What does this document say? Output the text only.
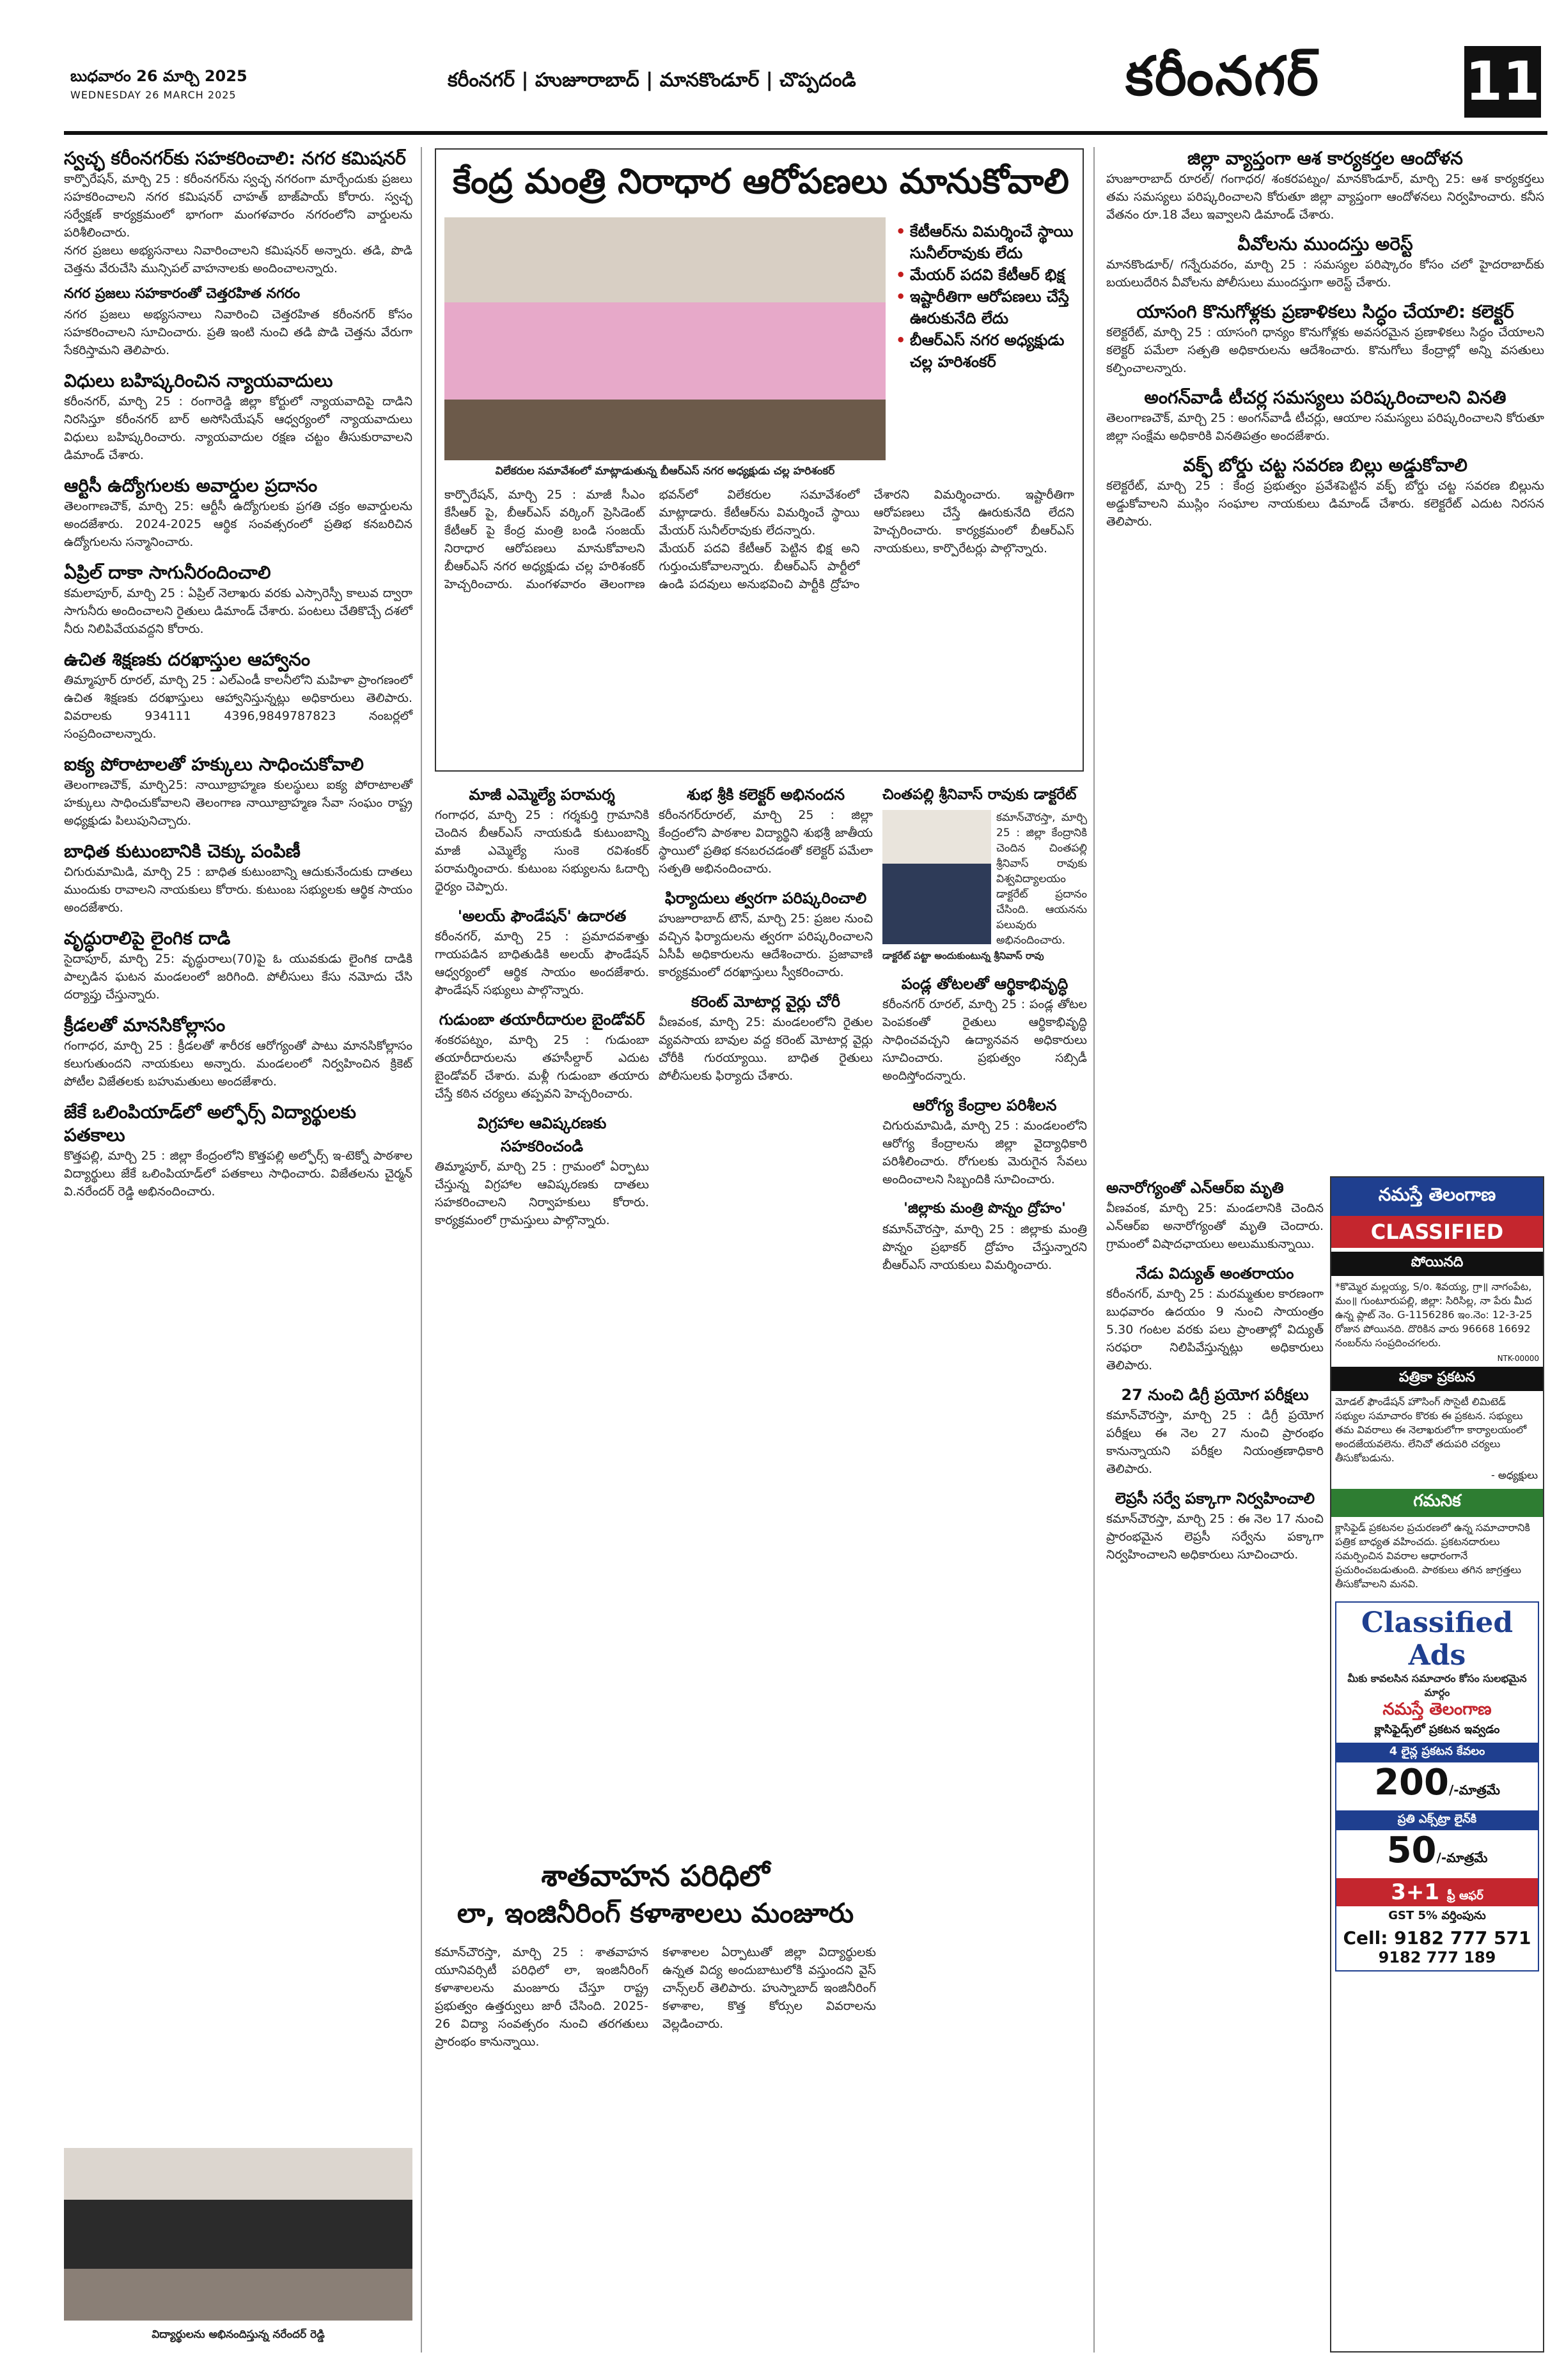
బుధవారం 26 మార్చి 2025
WEDNESDAY 26 MARCH 2025
కరీంనగర్ | హుజూరాబాద్ | మానకొండూర్ | చొప్పదండి	కరీంనగర్	11
స్వచ్ఛ కరీంనగర్‌కు సహకరించాలి: నగర కమిషనర్

కార్పొరేషన్, మార్చి 25 : కరీంనగర్‌ను స్వచ్ఛ నగరంగా మార్చేందుకు ప్రజలు సహకరించాలని నగర కమిషనర్ చాహత్ బాజ్‌పాయ్ కోరారు. స్వచ్ఛ సర్వేక్షణ్ కార్యక్రమంలో భాగంగా మంగళవారం నగరంలోని వార్డులను పరిశీలించారు.

నగర ప్రజలు అభ్యసనాలు నివారించాలని కమిషనర్ అన్నారు. తడి, పొడి చెత్తను వేరుచేసి మున్సిపల్ వాహనాలకు అందించాలన్నారు.

నగర ప్రజలు సహకారంతో చెత్తరహిత నగరం

నగర ప్రజలు అభ్యసనాలు నివారించి చెత్తరహిత కరీంనగర్ కోసం సహకరించాలని సూచించారు. ప్రతి ఇంటి నుంచి తడి పొడి చెత్తను వేరుగా సేకరిస్తామని తెలిపారు.

విధులు బహిష్కరించిన న్యాయవాదులు

కరీంనగర్, మార్చి 25 : రంగారెడ్డి జిల్లా కోర్టులో న్యాయవాదిపై దాడిని నిరసిస్తూ కరీంనగర్ బార్ అసోసియేషన్ ఆధ్వర్యంలో న్యాయవాదులు విధులు బహిష్కరించారు. న్యాయవాదుల రక్షణ చట్టం తీసుకురావాలని డిమాండ్ చేశారు.

ఆర్టిసీ ఉద్యోగులకు అవార్డుల ప్రదానం

తెలంగాణచౌక్, మార్చి 25: ఆర్టీసీ ఉద్యోగులకు ప్రగతి చక్రం అవార్డులను అందజేశారు. 2024-2025 ఆర్థిక సంవత్సరంలో ప్రతిభ కనబరిచిన ఉద్యోగులను సన్మానించారు.

ఏప్రిల్ దాకా సాగునీరందించాలి

కమలాపూర్, మార్చి 25 : ఏప్రిల్ నెలాఖరు వరకు ఎస్సారెస్పీ కాలువ ద్వారా సాగునీరు అందించాలని రైతులు డిమాండ్ చేశారు. పంటలు చేతికొచ్చే దశలో నీరు నిలిపివేయవద్దని కోరారు.

ఉచిత శిక్షణకు దరఖాస్తుల ఆహ్వానం

తిమ్మాపూర్ రూరల్, మార్చి 25 : ఎల్ఎండీ కాలనీలోని మహిళా ప్రాంగణంలో ఉచిత శిక్షణకు దరఖాస్తులు ఆహ్వానిస్తున్నట్లు అధికారులు తెలిపారు. వివరాలకు 934111 4396,9849787823 నంబర్లలో సంప్రదించాలన్నారు.

ఐక్య పోరాటాలతో హక్కులు సాధించుకోవాలి

తెలంగాణచౌక్, మార్చి25: నాయీబ్రాహ్మణ కులస్థులు ఐక్య పోరాటాలతో హక్కులు సాధించుకోవాలని తెలంగాణ నాయీబ్రాహ్మణ సేవా సంఘం రాష్ట్ర అధ్యక్షుడు పిలుపునిచ్చారు.

బాధిత కుటుంబానికి చెక్కు పంపిణీ

చిగురుమామిడి, మార్చి 25 : బాధిత కుటుంబాన్ని ఆదుకునేందుకు దాతలు ముందుకు రావాలని నాయకులు కోరారు. కుటుంబ సభ్యులకు ఆర్థిక సాయం అందజేశారు.

వృద్ధురాలిపై లైంగిక దాడి

సైదాపూర్, మార్చి 25: వృద్ధురాలు(70)పై ఓ యువకుడు లైంగిక దాడికి పాల్పడిన ఘటన మండలంలో జరిగింది. పోలీసులు కేసు నమోదు చేసి దర్యాప్తు చేస్తున్నారు.

క్రీడలతో మానసికోల్లాసం

గంగాధర, మార్చి 25 : క్రీడలతో శారీరక ఆరోగ్యంతో పాటు మానసికోల్లాసం కలుగుతుందని నాయకులు అన్నారు. మండలంలో నిర్వహించిన క్రికెట్ పోటీల విజేతలకు బహుమతులు అందజేశారు.

జేకే ఒలింపియాడ్‌లో అల్ఫోర్స్ విద్యార్థులకు పతకాలు

కొత్తపల్లి, మార్చి 25 : జిల్లా కేంద్రంలోని కొత్తపల్లి అల్ఫోర్స్ ఇ-టెక్నో పాఠశాల విద్యార్థులు జేకే ఒలింపియాడ్‌లో పతకాలు సాధించారు. విజేతలను చైర్మన్ వి.నరేందర్ రెడ్డి అభినందించారు.

విద్యార్థులను అభినందిస్తున్న నరేందర్ రెడ్డి
కేంద్ర మంత్రి నిరాధార ఆరోపణలు మానుకోవాలి
• కేటీఆర్‌ను విమర్శించే స్థాయి సునీల్‌రావుకు లేదు
• మేయర్ పదవి కేటీఆర్ భిక్ష
• ఇష్టారీతిగా ఆరోపణలు చేస్తే ఊరుకునేది లేదు
• బీఆర్ఎస్ నగర అధ్యక్షుడు చల్ల హరిశంకర్
విలేకరుల సమావేశంలో మాట్లాడుతున్న బీఆర్ఎస్ నగర అధ్యక్షుడు చల్ల హరిశంకర్

కార్పొరేషన్, మార్చి 25 : మాజీ సీఎం కేసీఆర్ పై, బీఆర్ఎస్ వర్కింగ్ ప్రెసిడెంట్ కేటీఆర్ పై కేంద్ర మంత్రి బండి సంజయ్ నిరాధార ఆరోపణలు మానుకోవాలని బీఆర్ఎస్ నగర అధ్యక్షుడు చల్ల హరిశంకర్ హెచ్చరించారు. మంగళవారం తెలంగాణ భవన్‌లో విలేకరుల సమావేశంలో మాట్లాడారు. కేటీఆర్‌ను విమర్శించే స్థాయి మేయర్ సునీల్‌రావుకు లేదన్నారు.

మేయర్ పదవి కేటీఆర్ పెట్టిన భిక్ష అని గుర్తుంచుకోవాలన్నారు. బీఆర్ఎస్ పార్టీలో ఉండి పదవులు అనుభవించి పార్టీకి ద్రోహం చేశారని విమర్శించారు. ఇష్టారీతిగా ఆరోపణలు చేస్తే ఊరుకునేది లేదని హెచ్చరించారు. కార్యక్రమంలో బీఆర్ఎస్ నాయకులు, కార్పొరేటర్లు పాల్గొన్నారు.

మాజీ ఎమ్మెల్యే పరామర్శ

గంగాధర, మార్చి 25 : గర్శకుర్తి గ్రామానికి చెందిన బీఆర్ఎస్ నాయకుడి కుటుంబాన్ని మాజీ ఎమ్మెల్యే సుంకె రవిశంకర్ పరామర్శించారు. కుటుంబ సభ్యులను ఓదార్చి ధైర్యం చెప్పారు.

'అలయ్ ఫౌండేషన్' ఉదారత

కరీంనగర్, మార్చి 25 : ప్రమాదవశాత్తు గాయపడిన బాధితుడికి అలయ్ ఫౌండేషన్ ఆధ్వర్యంలో ఆర్థిక సాయం అందజేశారు. ఫౌండేషన్ సభ్యులు పాల్గొన్నారు.

గుడుంబా తయారీదారుల బైండోవర్

శంకరపట్నం, మార్చి 25 : గుడుంబా తయారీదారులను తహసీల్దార్ ఎదుట బైండోవర్ చేశారు. మళ్లీ గుడుంబా తయారు చేస్తే కఠిన చర్యలు తప్పవని హెచ్చరించారు.

విగ్రహాల ఆవిష్కరణకు సహకరించండి

తిమ్మాపూర్, మార్చి 25 : గ్రామంలో ఏర్పాటు చేస్తున్న విగ్రహాల ఆవిష్కరణకు దాతలు సహకరించాలని నిర్వాహకులు కోరారు. కార్యక్రమంలో గ్రామస్తులు పాల్గొన్నారు.

శుభ శ్రీకి కలెక్టర్ అభినందన

కరీంనగర్‌రూరల్, మార్చి 25 : జిల్లా కేంద్రంలోని పాఠశాల విద్యార్థిని శుభశ్రీ జాతీయ స్థాయిలో ప్రతిభ కనబరచడంతో కలెక్టర్ పమేలా సత్పతి అభినందించారు.

ఫిర్యాదులు త్వరగా పరిష్కరించాలి

హుజూరాబాద్ టౌన్, మార్చి 25: ప్రజల నుంచి వచ్చిన ఫిర్యాదులను త్వరగా పరిష్కరించాలని ఏసీపీ అధికారులను ఆదేశించారు. ప్రజావాణి కార్యక్రమంలో దరఖాస్తులు స్వీకరించారు.

కరెంట్ మోటార్ల వైర్లు చోరీ

వీణవంక, మార్చి 25: మండలంలోని రైతుల వ్యవసాయ బావుల వద్ద కరెంట్ మోటార్ల వైర్లు చోరీకి గురయ్యాయి. బాధిత రైతులు పోలీసులకు ఫిర్యాదు చేశారు.

చింతపల్లి శ్రీనివాస్ రావుకు డాక్టరేట్

కమాన్‌చౌరస్తా, మార్చి 25 : జిల్లా కేంద్రానికి చెందిన చింతపల్లి శ్రీనివాస్ రావుకు విశ్వవిద్యాలయం డాక్టరేట్ ప్రదానం చేసింది. ఆయనను పలువురు అభినందించారు.

డాక్టరేట్ పట్టా అందుకుంటున్న శ్రీనివాస్ రావు
పండ్ల తోటలతో ఆర్థికాభివృద్ధి

కరీంనగర్ రూరల్, మార్చి 25 : పండ్ల తోటల పెంపకంతో రైతులు ఆర్థికాభివృద్ధి సాధించవచ్చని ఉద్యానవన అధికారులు సూచించారు. ప్రభుత్వం సబ్సిడీ అందిస్తోందన్నారు.

ఆరోగ్య కేంద్రాల పరిశీలన

చిగురుమామిడి, మార్చి 25 : మండలంలోని ఆరోగ్య కేంద్రాలను జిల్లా వైద్యాధికారి పరిశీలించారు. రోగులకు మెరుగైన సేవలు అందించాలని సిబ్బందికి సూచించారు.

'జిల్లాకు మంత్రి పొన్నం ద్రోహం'

కమాన్‌చౌరస్తా, మార్చి 25 : జిల్లాకు మంత్రి పొన్నం ప్రభాకర్ ద్రోహం చేస్తున్నారని బీఆర్ఎస్ నాయకులు విమర్శించారు.

శాతవాహన పరిధిలో
లా, ఇంజినీరింగ్ కళాశాలలు మంజూరు

కమాన్‌చౌరస్తా, మార్చి 25 : శాతవాహన యూనివర్సిటీ పరిధిలో లా, ఇంజినీరింగ్ కళాశాలలను మంజూరు చేస్తూ రాష్ట్ర ప్రభుత్వం ఉత్తర్వులు జారీ చేసింది. 2025-26 విద్యా సంవత్సరం నుంచి తరగతులు ప్రారంభం కానున్నాయి.

కళాశాలల ఏర్పాటుతో జిల్లా విద్యార్థులకు ఉన్నత విద్య అందుబాటులోకి వస్తుందని వైస్ చాన్స్‌లర్ తెలిపారు. హుస్నాబాద్ ఇంజినీరింగ్ కళాశాల, కొత్త కోర్సుల వివరాలను వెల్లడించారు.

జిల్లా వ్యాప్తంగా ఆశ కార్యకర్తల ఆందోళన

హుజూరాబాద్ రూరల్/ గంగాధర/ శంకరపట్నం/ మానకొండూర్, మార్చి 25: ఆశ కార్యకర్తలు తమ సమస్యలు పరిష్కరించాలని కోరుతూ జిల్లా వ్యాప్తంగా ఆందోళనలు నిర్వహించారు. కనీస వేతనం రూ.18 వేలు ఇవ్వాలని డిమాండ్ చేశారు.

వీవోలను ముందస్తు అరెస్ట్

మానకొండూర్/ గన్నేరువరం, మార్చి 25 : సమస్యల పరిష్కారం కోసం చలో హైదరాబాద్‌కు బయలుదేరిన వీవోలను పోలీసులు ముందస్తుగా అరెస్ట్ చేశారు.

యాసంగి కొనుగోళ్లకు ప్రణాళికలు సిద్ధం చేయాలి: కలెక్టర్

కలెక్టరేట్, మార్చి 25 : యాసంగి ధాన్యం కొనుగోళ్లకు అవసరమైన ప్రణాళికలు సిద్ధం చేయాలని కలెక్టర్ పమేలా సత్పతి అధికారులను ఆదేశించారు. కొనుగోలు కేంద్రాల్లో అన్ని వసతులు కల్పించాలన్నారు.

అంగన్‌వాడీ టీచర్ల సమస్యలు పరిష్కరించాలని వినతి

తెలంగాణచౌక్, మార్చి 25 : అంగన్‌వాడీ టీచర్లు, ఆయాల సమస్యలు పరిష్కరించాలని కోరుతూ జిల్లా సంక్షేమ అధికారికి వినతిపత్రం అందజేశారు.

వక్ఫ్ బోర్డు చట్ట సవరణ బిల్లు అడ్డుకోవాలి

కలెక్టరేట్, మార్చి 25 : కేంద్ర ప్రభుత్వం ప్రవేశపెట్టిన వక్ఫ్ బోర్డు చట్ట సవరణ బిల్లును అడ్డుకోవాలని ముస్లిం సంఘాల నాయకులు డిమాండ్ చేశారు. కలెక్టరేట్ ఎదుట నిరసన తెలిపారు.

అనారోగ్యంతో ఎన్ఆర్ఐ మృతి

వీణవంక, మార్చి 25: మండలానికి చెందిన ఎన్ఆర్ఐ అనారోగ్యంతో మృతి చెందారు. గ్రామంలో విషాదఛాయలు అలుముకున్నాయి.

నేడు విద్యుత్ అంతరాయం

కరీంనగర్, మార్చి 25 : మరమ్మతుల కారణంగా బుధవారం ఉదయం 9 నుంచి సాయంత్రం 5.30 గంటల వరకు పలు ప్రాంతాల్లో విద్యుత్ సరఫరా నిలిపివేస్తున్నట్లు అధికారులు తెలిపారు.

27 నుంచి డిగ్రీ ప్రయోగ పరీక్షలు

కమాన్‌చౌరస్తా, మార్చి 25 : డిగ్రీ ప్రయోగ పరీక్షలు ఈ నెల 27 నుంచి ప్రారంభం కానున్నాయని పరీక్షల నియంత్రణాధికారి తెలిపారు.

లెప్రసీ సర్వే పక్కాగా నిర్వహించాలి

కమాన్‌చౌరస్తా, మార్చి 25 : ఈ నెల 17 నుంచి ప్రారంభమైన లెప్రసీ సర్వేను పక్కాగా నిర్వహించాలని అధికారులు సూచించారు.

నమస్తే తెలంగాణ
CLASSIFIED
పోయినది

*కొమ్మెర మల్లయ్య, S/o. శివయ్య, గ్రా॥ నాగంపేట, మం॥ గుంటూరుపల్లి, జిల్లా: సిరిసిల్ల, నా పేరు మీద ఉన్న ప్లాట్ నెం. G-1156286 ఇం.నెం: 12-3-25 రోజున పోయినది. దొరికిన వారు 96668 16692 నంబర్‌ను సంప్రదించగలరు.

NTK-00000
పత్రికా ప్రకటన

మోడల్ ఫౌండేషన్ హౌసింగ్ సొసైటీ లిమిటెడ్ సభ్యుల సమాచారం కొరకు ఈ ప్రకటన. సభ్యులు తమ వివరాలు ఈ నెలాఖరులోగా కార్యాలయంలో అందజేయవలెను. లేనిచో తదుపరి చర్యలు తీసుకోబడును.

- అధ్యక్షులు
గమనిక

క్లాసిఫైడ్ ప్రకటనల ప్రచురణలో ఉన్న సమాచారానికి పత్రిక బాధ్యత వహించదు. ప్రకటనదారులు సమర్పించిన వివరాల ఆధారంగానే ప్రచురించబడుతుంది. పాఠకులు తగిన జాగ్రత్తలు తీసుకోవాలని మనవి.

Classified Ads
మీకు కావలసిన సమాచారం కోసం సులభమైన మార్గం
నమస్తే తెలంగాణ
క్లాసిఫైడ్స్‌లో ప్రకటన ఇవ్వడం
4 లైన్ల ప్రకటన కేవలం
200/-మాత్రమే
ప్రతి ఎక్స్‌ట్రా లైన్‌కి
50/-మాత్రమే
3+1 ఫ్రీ ఆఫర్
GST 5% వర్తింపును
Cell: 9182 777 571
9182 777 189
